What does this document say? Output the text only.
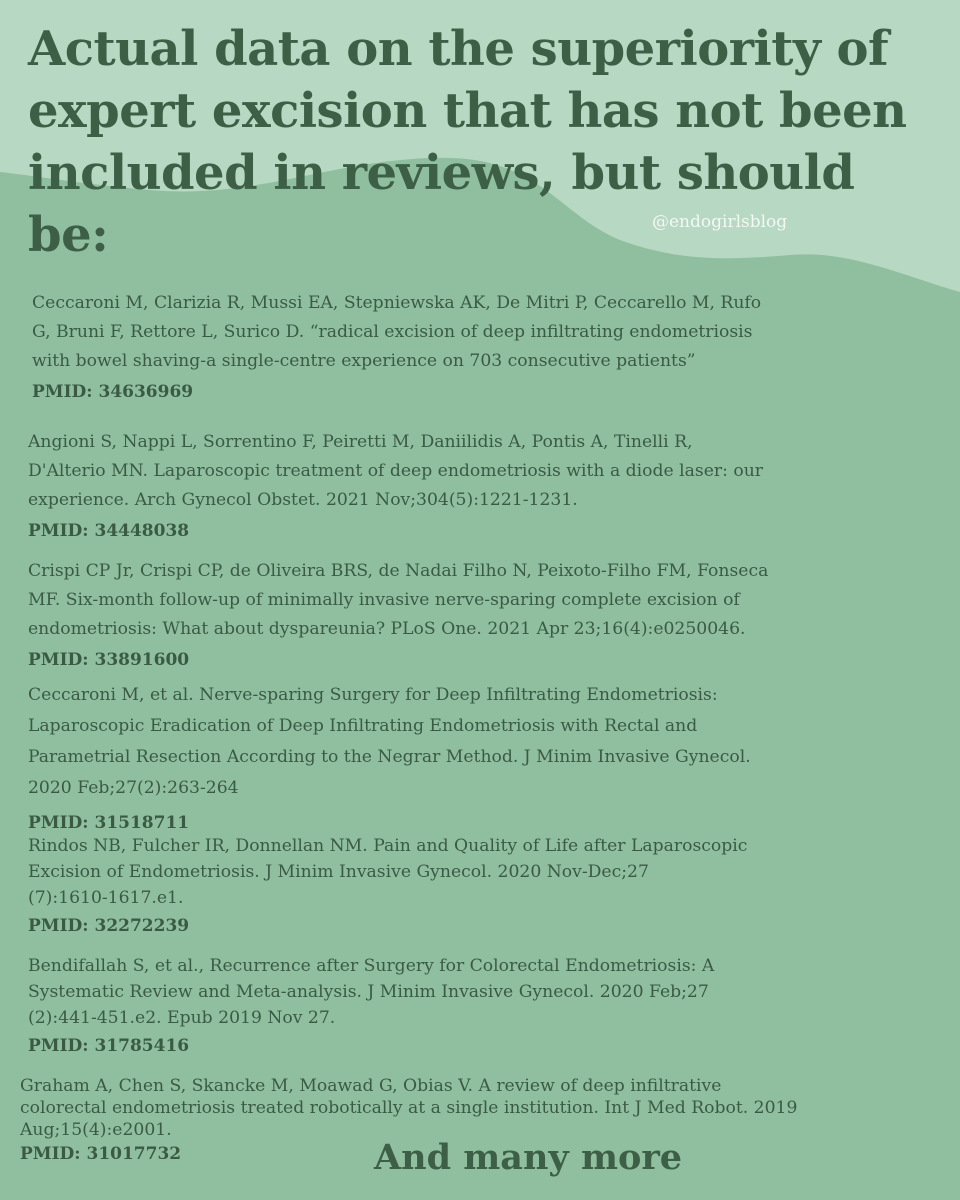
Actual data on the superiority of
expert excision that has not been
included in reviews, but should be:	@endogirlsblog
Ceccaroni M, Clarizia R, Mussi EA, Stepniewska AK, De Mitri P, Ceccarello M, Rufo
G, Bruni F, Rettore L, Surico D. “radical excision of deep infiltrating endometriosis
with bowel shaving-a single-centre experience on 703 consecutive patients”
PMID: 34636969
Angioni S, Nappi L, Sorrentino F, Peiretti M, Daniilidis A, Pontis A, Tinelli R,
D'Alterio MN. Laparoscopic treatment of deep endometriosis with a diode laser: our
experience. Arch Gynecol Obstet. 2021 Nov;304(5):1221-1231.
PMID: 34448038
Crispi CP Jr, Crispi CP, de Oliveira BRS, de Nadai Filho N, Peixoto-Filho FM, Fonseca
MF. Six-month follow-up of minimally invasive nerve-sparing complete excision of
endometriosis: What about dyspareunia? PLoS One. 2021 Apr 23;16(4):e0250046.
PMID: 33891600
Ceccaroni M, et al. Nerve-sparing Surgery for Deep Infiltrating Endometriosis:
Laparoscopic Eradication of Deep Infiltrating Endometriosis with Rectal and
Parametrial Resection According to the Negrar Method. J Minim Invasive Gynecol.
2020 Feb;27(2):263-264
PMID: 31518711
Rindos NB, Fulcher IR, Donnellan NM. Pain and Quality of Life after Laparoscopic
Excision of Endometriosis. J Minim Invasive Gynecol. 2020 Nov-Dec;27
(7):1610-1617.e1.
PMID: 32272239
Bendifallah S, et al., Recurrence after Surgery for Colorectal Endometriosis: A
Systematic Review and Meta-analysis. J Minim Invasive Gynecol. 2020 Feb;27
(2):441-451.e2. Epub 2019 Nov 27.
PMID: 31785416
Graham A, Chen S, Skancke M, Moawad G, Obias V. A review of deep infiltrative
colorectal endometriosis treated robotically at a single institution. Int J Med Robot. 2019
Aug;15(4):e2001.
PMID: 31017732	And many more
